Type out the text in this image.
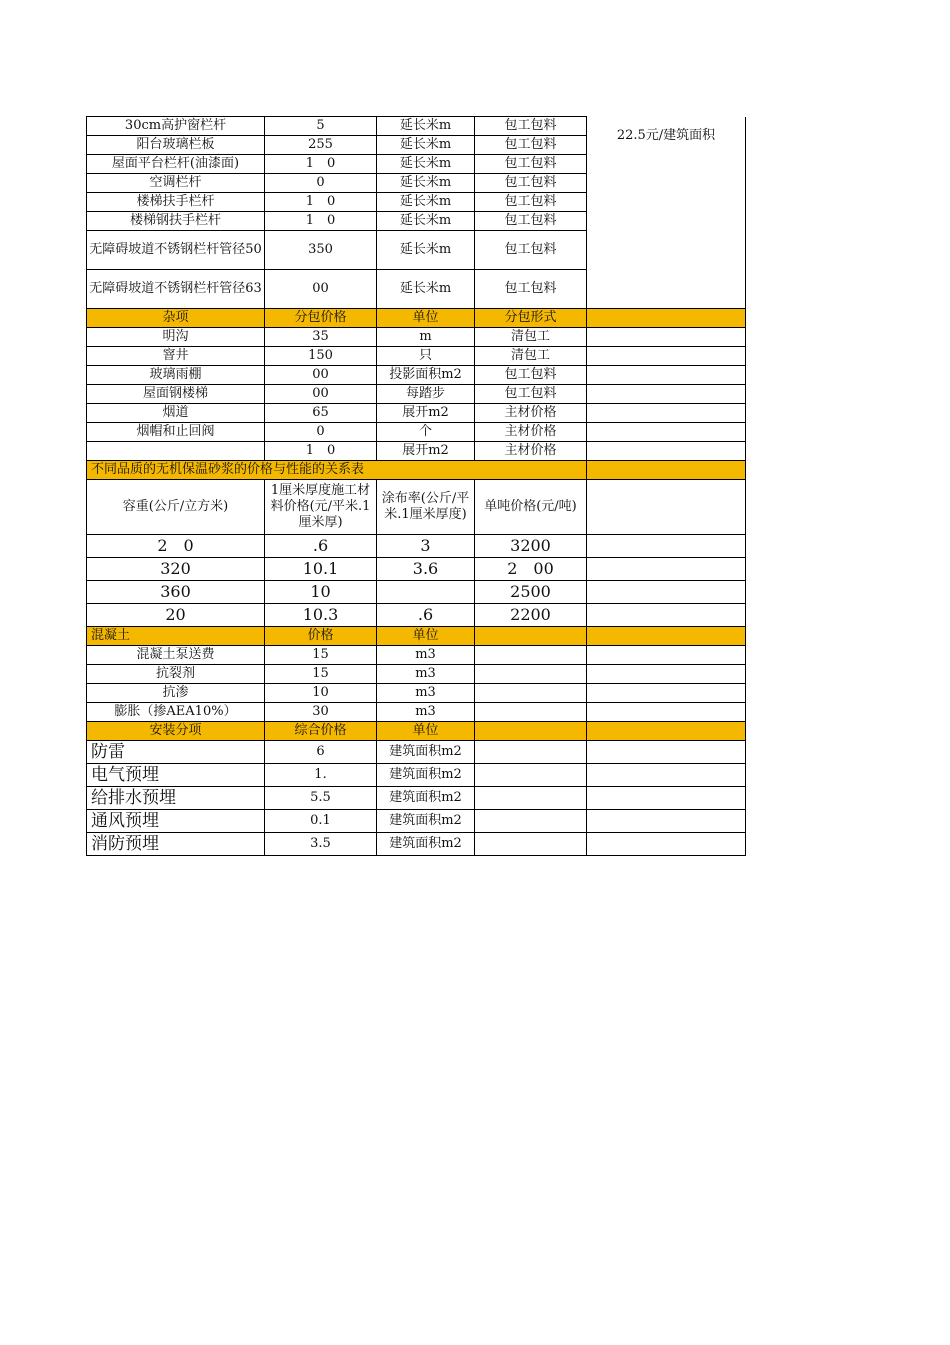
30cm高护窗栏杆	5	延长米m	包工包料	22.5元/建筑面积
阳台玻璃栏板	255	延长米m	包工包料	
屋面平台栏杆(油漆面)	1　0	延长米m	包工包料	
空调栏杆	0	延长米m	包工包料	
楼梯扶手栏杆	1　0	延长米m	包工包料	
楼梯钢扶手栏杆	1　0	延长米m	包工包料	
无障碍坡道不锈钢栏杆管径50	350	延长米m	包工包料	
无障碍坡道不锈钢栏杆管径63	00	延长米m	包工包料	
杂项	分包价格	单位	分包形式	
明沟	35	m	清包工	
窨井	150	只	清包工	
玻璃雨棚	00	投影面积m2	包工包料	
屋面钢楼梯	00	每踏步	包工包料	
烟道	65	展开m2	主材价格	
烟帽和止回阀	0	个	主材价格	
	1　0	展开m2	主材价格	
不同品质的无机保温砂浆的价格与性能的关系表				
容重(公斤/立方米)	1厘米厚度施工材料价格(元/平米.1厘米厚)	涂布率(公斤/平米.1厘米厚度)	单吨价格(元/吨)	
2　0	.6	3	3200	
320	10.1	3.6	2　00	
360	10		2500	
20	10.3	.6	2200	
混凝土	价格	单位		
混凝土泵送费	15	m3		
抗裂剂	15	m3		
抗渗	10	m3		
膨胀（掺AEA10%）	30	m3		
安装分项	综合价格	单位		
防雷	6	建筑面积m2		
电气预埋	1.	建筑面积m2		
给排水预埋	5.5	建筑面积m2		
通风预埋	0.1	建筑面积m2		
消防预埋	3.5	建筑面积m2		
